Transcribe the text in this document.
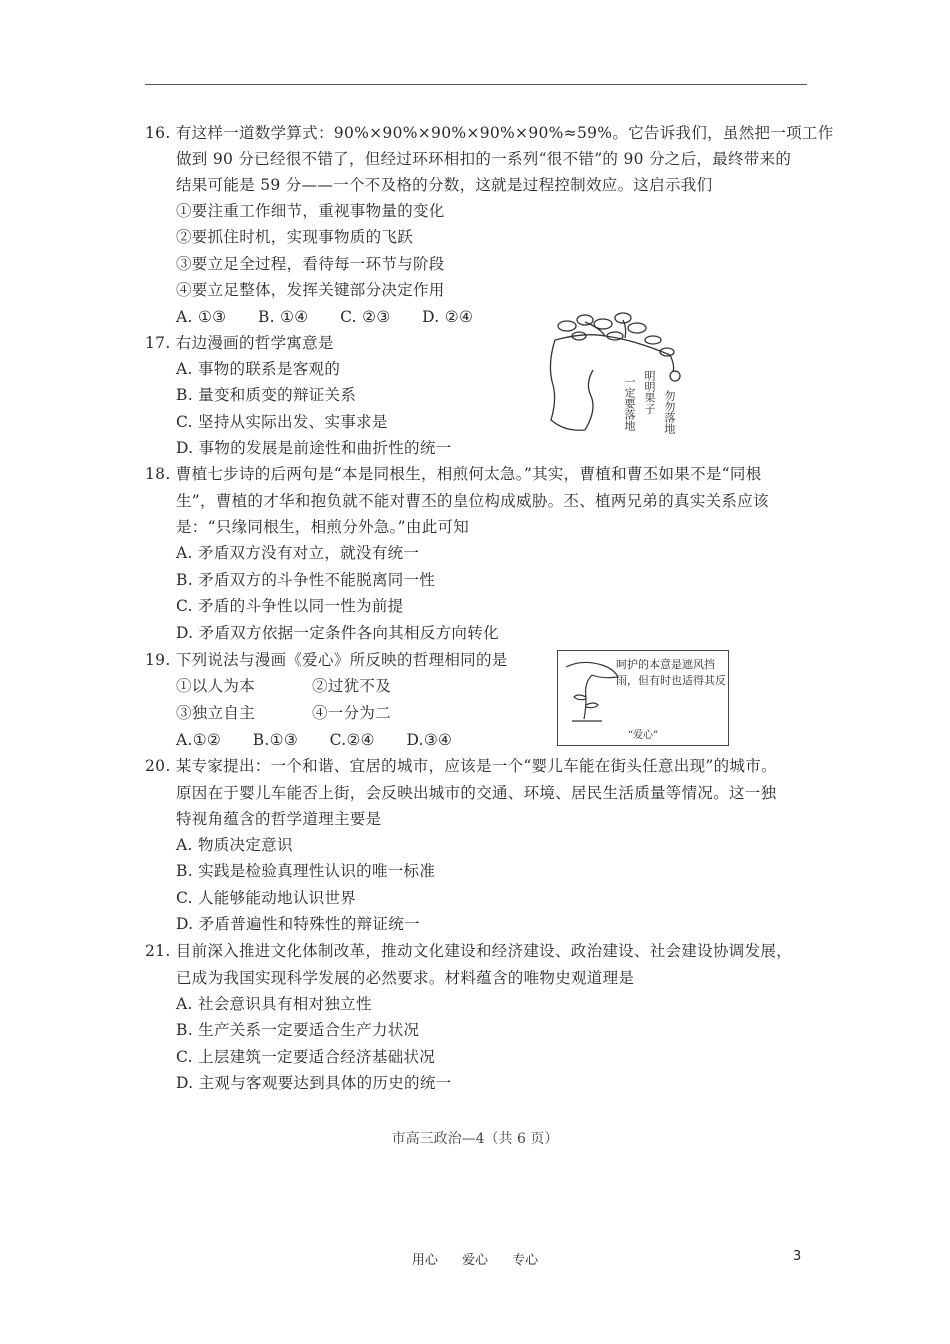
16. 有这样一道数学算式：90%×90%×90%×90%×90%≈59%。它告诉我们，虽然把一项工作
做到 90 分已经很不错了，但经过环环相扣的一系列“很不错”的 90 分之后，最终带来的
结果可能是 59 分——一个不及格的分数，这就是过程控制效应。这启示我们
①要注重工作细节，重视事物量的变化
②要抓住时机，实现事物质的飞跃
③要立足全过程，看待每一环节与阶段
④要立足整体，发挥关键部分决定作用
A. ①③　　B. ①④　　C. ②③　　D. ②④
17. 右边漫画的哲学寓意是
A. 事物的联系是客观的
B. 量变和质变的辩证关系
C. 坚持从实际出发、实事求是
D. 事物的发展是前途性和曲折性的统一
一定要落地 明明果子 勿勿落地
18. 曹植七步诗的后两句是“本是同根生，相煎何太急。”其实，曹植和曹丕如果不是“同根
生”，曹植的才华和抱负就不能对曹丕的皇位构成威胁。丕、植两兄弟的真实关系应该
是：“只缘同根生，相煎分外急。”由此可知
A. 矛盾双方没有对立，就没有统一
B. 矛盾双方的斗争性不能脱离同一性
C. 矛盾的斗争性以同一性为前提
D. 矛盾双方依据一定条件各向其相反方向转化
19. 下列说法与漫画《爱心》所反映的哲理相同的是
①以人为本	②过犹不及
③独立自主	④一分为二
A.①②　　B.①③　　C.②④　　D.③④
呵护的本意是遮风挡雨，但有时也适得其反
“爱心”
20. 某专家提出：一个和谐、宜居的城市，应该是一个“婴儿车能在街头任意出现”的城市。
原因在于婴儿车能否上街，会反映出城市的交通、环境、居民生活质量等情况。这一独
特视角蕴含的哲学道理主要是
A. 物质决定意识
B. 实践是检验真理性认识的唯一标准
C. 人能够能动地认识世界
D. 矛盾普遍性和特殊性的辩证统一
21. 目前深入推进文化体制改革，推动文化建设和经济建设、政治建设、社会建设协调发展，
已成为我国实现科学发展的必然要求。材料蕴含的唯物史观道理是
A. 社会意识具有相对独立性
B. 生产关系一定要适合生产力状况
C. 上层建筑一定要适合经济基础状况
D. 主观与客观要达到具体的历史的统一
市高三政治—4（共 6 页）
用心 爱心 专心	3
